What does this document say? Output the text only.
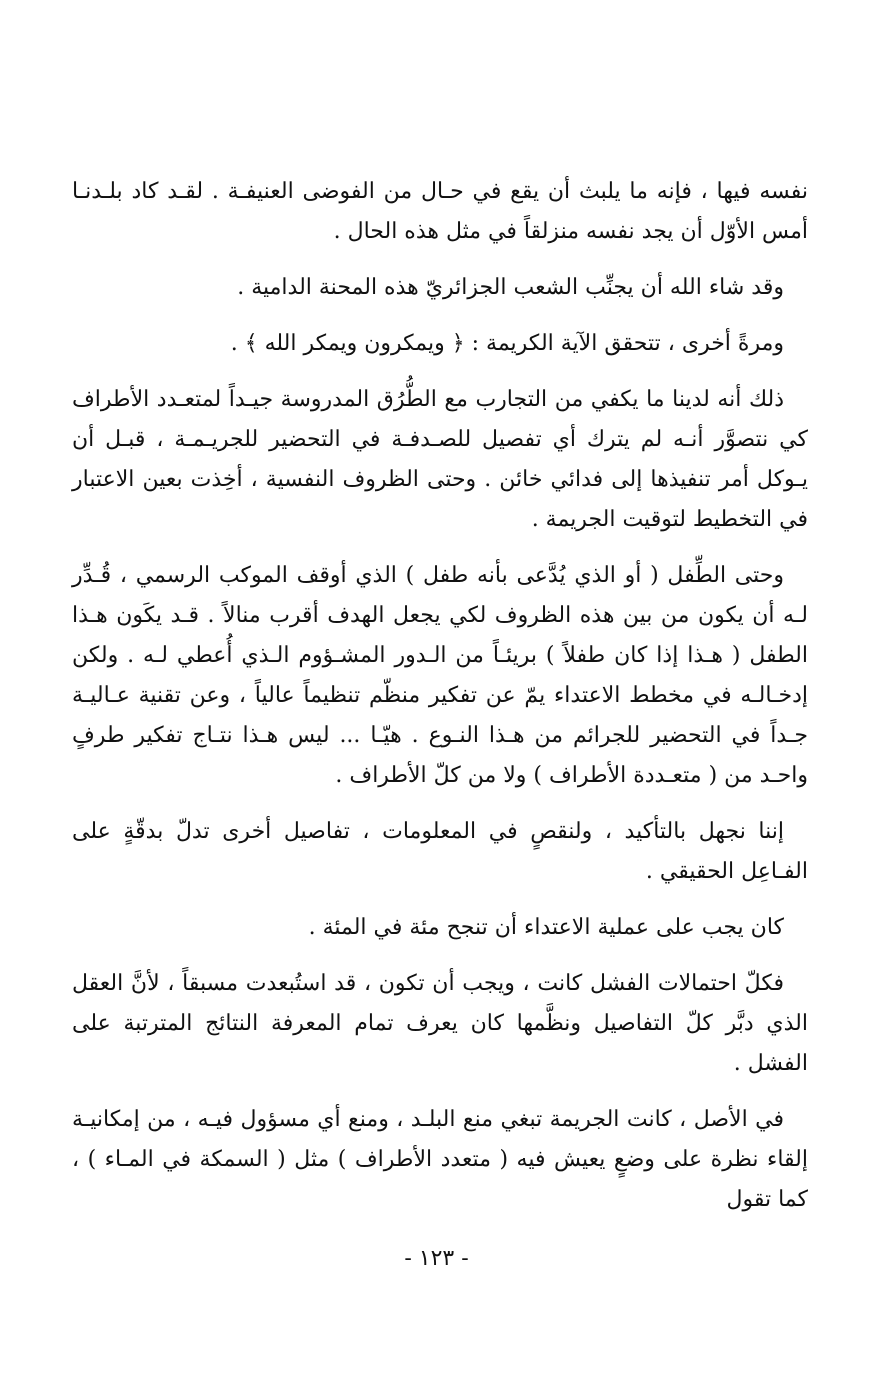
نفسه فيها ، فإنه ما يلبث أن يقع في حـال من الفوضى العنيفـة . لقـد كاد بلـدنـا أمس الأوّل أن يجد نفسه منزلقاً في مثل هذه الحال .

وقد شاء الله أن يجنِّب الشعب الجزائريّ هذه المحنة الدامية .

ومرةً أخرى ، تتحقق الآية الكريمة : ﴿ ويمكرون ويمكر الله ﴾ .

ذلك أنه لدينا ما يكفي من التجارب مع الطُّرُق المدروسة جيـداً لمتعـدد الأطراف كي نتصوَّر أنـه لم يترك أي تفصيل للصـدفـة في التحضير للجريـمـة ، قبـل أن يـوكل أمر تنفيذها إلى فدائي خائن . وحتى الظروف النفسية ، أخِذت بعين الاعتبار في التخطيط لتوقيت الجريمة .

وحتى الطِّفل ( أو الذي يُدَّعى بأنه طفل ) الذي أوقف الموكب الرسمي ، قُـدِّر لـه أن يكون من بين هذه الظروف لكي يجعل الهدف أقرب منالاً . قـد يكَون هـذا الطفل ( هـذا إذا كان طفلاً ) بريئـاً من الـدور المشـؤوم الـذي أُعطي لـه . ولكن إدخـالـه في مخطط الاعتداء يمّ عن تفكير منظّم تنظيماً عالياً ، وعن تقنية عـاليـة جـداً في التحضير للجرائم من هـذا النـوع . هيّـا ... ليس هـذا نتـاج تفكير طرفٍ واحـد من ( متعـددة الأطراف ) ولا من كلّ الأطراف .

إننا نجهل بالتأكيد ، ولنقصٍ في المعلومات ، تفاصيل أخرى تدلّ بدقّةٍ على الفـاعِل الحقيقي .

كان يجب على عملية الاعتداء أن تنجح مئة في المئة .

فكلّ احتمالات الفشل كانت ، ويجب أن تكون ، قد استُبعدت مسبقاً ، لأنَّ العقل الذي دبَّر كلّ التفاصيل ونظَّمها كان يعرف تمام المعرفة النتائج المترتبة على الفشل .

في الأصل ، كانت الجريمة تبغي منع البلـد ، ومنع أي مسؤول فيـه ، من إمكانيـة إلقاء نظرة على وضعٍ يعيش فيه ( متعدد الأطراف ) مثل ( السمكة في المـاء ) ، كما تقول

- ١٢٣ -
